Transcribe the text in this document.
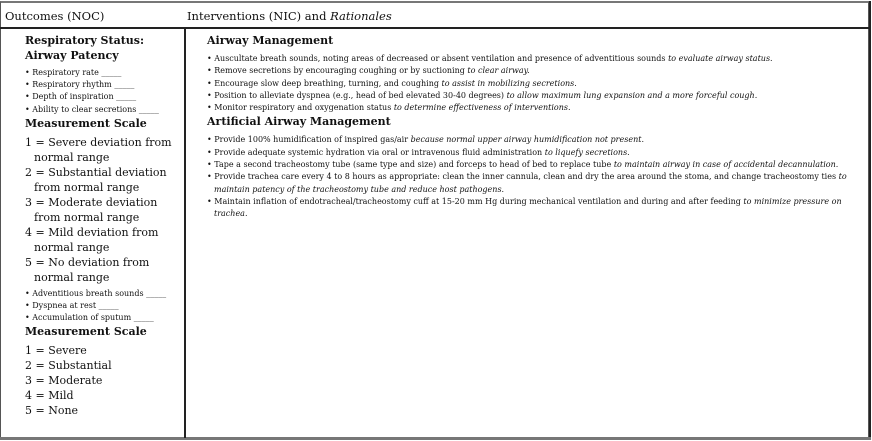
Outcomes (NOC)	Interventions (NIC) and Rationales

Respiratory Status: Airway Patency

• Respiratory rate _____
• Respiratory rhythm _____
• Depth of inspiration _____
• Ability to clear secretions _____

Measurement Scale

1 = Severe deviation from normal range
2 = Substantial deviation from normal range
3 = Moderate deviation from normal range
4 = Mild deviation from normal range
5 = No deviation from normal range
• Adventitious breath sounds _____
• Dyspnea at rest _____
• Accumulation of sputum _____

Measurement Scale

1 = Severe
2 = Substantial
3 = Moderate
4 = Mild
5 = None

Airway Management

• Auscultate breath sounds, noting areas of decreased or absent ventilation and presence of adventitious sounds to evaluate airway status.
• Remove secretions by encouraging coughing or by suctioning to clear airway.
• Encourage slow deep breathing, turning, and coughing to assist in mobilizing secretions.
• Position to alleviate dyspnea (e.g., head of bed elevated 30-40 degrees) to allow maximum lung expansion and a more forceful cough.
• Monitor respiratory and oxygenation status to determine effectiveness of interventions.

Artificial Airway Management

• Provide 100% humidification of inspired gas/air because normal upper airway humidification not present.
• Provide adequate systemic hydration via oral or intravenous fluid administration to liquefy secretions.
• Tape a second tracheostomy tube (same type and size) and forceps to head of bed to replace tube to maintain airway in case of accidental decannulation.
• Provide trachea care every 4 to 8 hours as appropriate: clean the inner cannula, clean and dry the area around the stoma, and change tracheostomy ties to maintain patency of the tracheostomy tube and reduce host pathogens.
• Maintain inflation of endotracheal/tracheostomy cuff at 15-20 mm Hg during mechanical ventilation and during and after feeding to minimize pressure on trachea.
